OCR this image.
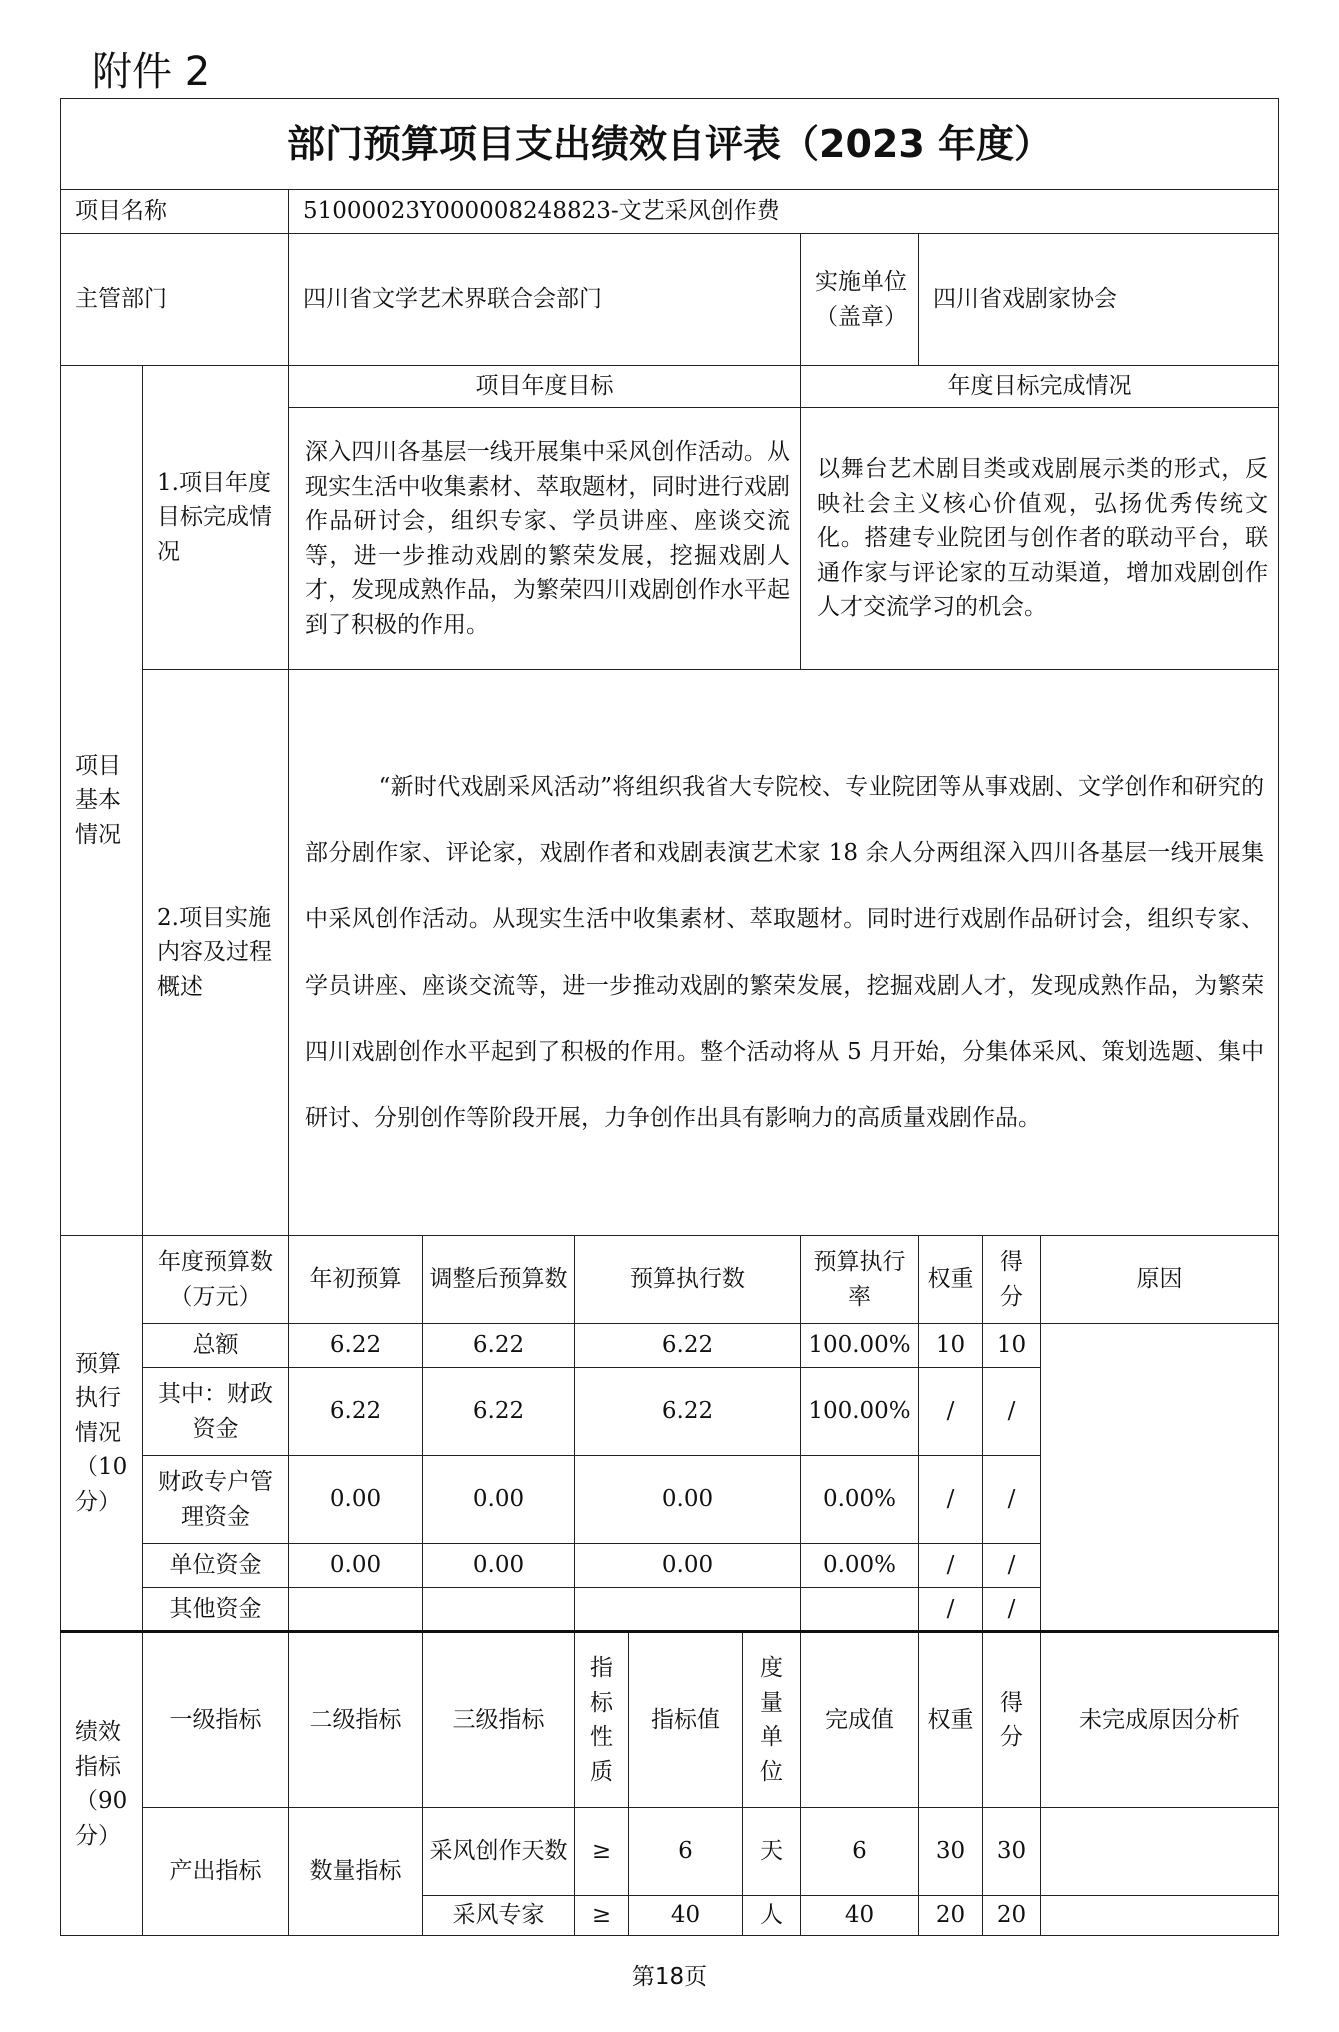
附件 2
部门预算项目支出绩效自评表（2023 年度）										
项目名称		51000023Y000008248823-文艺采风创作费								
主管部门		四川省文学艺术界联合会部门					实施单位（盖章）	四川省戏剧家协会		
项目基本情况	1.项目年度目标完成情况	项目年度目标					年度目标完成情况			
		深入四川各基层一线开展集中采风创作活动。从现实生活中收集素材、萃取题材，同时进行戏剧作品研讨会，组织专家、学员讲座、座谈交流等，进一步推动戏剧的繁荣发展，挖掘戏剧人才，发现成熟作品，为繁荣四川戏剧创作水平起到了积极的作用。					以舞台艺术剧目类或戏剧展示类的形式，反映社会主义核心价值观，弘扬优秀传统文化。搭建专业院团与创作者的联动平台，联通作家与评论家的互动渠道，增加戏剧创作人才交流学习的机会。			
	2.项目实施内容及过程概述	“新时代戏剧采风活动”将组织我省大专院校、专业院团等从事戏剧、文学创作和研究的部分剧作家、评论家，戏剧作者和戏剧表演艺术家 18 余人分两组深入四川各基层一线开展集中采风创作活动。从现实生活中收集素材、萃取题材。同时进行戏剧作品研讨会，组织专家、学员讲座、座谈交流等，进一步推动戏剧的繁荣发展，挖掘戏剧人才，发现成熟作品，为繁荣四川戏剧创作水平起到了积极的作用。整个活动将从 5 月开始，分集体采风、策划选题、集中研讨、分别创作等阶段开展，力争创作出具有影响力的高质量戏剧作品。								
预算执行情况（10分）	年度预算数（万元）	年初预算	调整后预算数	预算执行数			预算执行率	权重	得分	原因
	总额	6.22	6.22	6.22			100.00%	10	10	
	其中：财政资金	6.22	6.22	6.22			100.00%	/	/	
	财政专户管理资金	0.00	0.00	0.00			0.00%	/	/	
	单位资金	0.00	0.00	0.00			0.00%	/	/	
	其他资金							/	/	
绩效指标（90分）	一级指标	二级指标	三级指标	指标性质	指标值	度量单位	完成值	权重	得分	未完成原因分析
	产出指标	数量指标	采风创作天数	≥	6	天	6	30	30	
			采风专家	≥	40	人	40	20	20	
第18页
